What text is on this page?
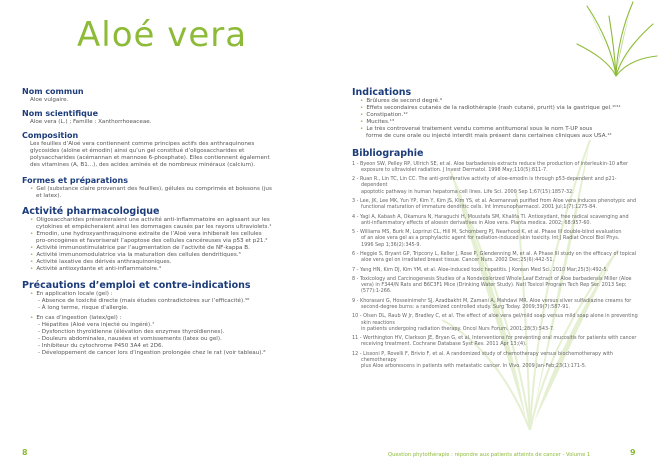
Aloé vera
Nom commun
Aloe vulgaire.
Nom scientifique
Aloe vera (L.) ; Famille : Xanthorrhoeaceae.
Composition
Les feuilles d’Aloé vera contiennent comme principes actifs des anthraquinones
glycosides (aloïne et émodin) ainsi qu’un gel constitué d’oligosaccharides et
polysaccharides (acémannan et mannose 6-phosphate). Elles contiennent également
des vitamines (A, B1...), des acides aminés et de nombreux minéraux (calcium).
Formes et préparations
• Gel (substance claire provenant des feuilles), gélules ou comprimés et boissons (jus
et latex).
Activité pharmacologique
• Oligosaccharides présenteraient une activité anti-inflammatoire en agissant sur les
cytokines et empêcheraient ainsi les dommages causés par les rayons ultraviolets.¹
• Emodin, une hydroxyanthraquinone extraite de l’Aloé vera inhiberait les cellules
pro-oncogènes et favoriserait l’apoptose des cellules cancéreuses via p53 et p21.²
• Activité immunostimulatrice par l’augmentation de l’activité de NF-kappa B.
• Activité immunomodulatrice via la maturation des cellules dendritiques.³
• Activité laxative des dérivés anthraquinoniques.
• Activité antioxydante et anti-inflammatoire.⁴
Précautions d’emploi et contre-indications
• En application locale (gel) :
- Absence de toxicité directe (mais études contradictoires sur l’efficacité).⁵⁶
- À long terme, risque d’allergie.
• En cas d’ingestion (latex/gel) :
- Hépatites (Aloé vera injecté ou ingéré).⁷
- Dysfonction thyroïdienne (élévation des enzymes thyroïdiennes).
- Douleurs abdominales, nausées et vomissements (latex ou gel).
- Inhibiteur du cytochrome P450 3A4 et 2D6.
- Développement de cancer lors d’ingestion prolongée chez le rat (voir tableau).⁸
Indications
• Brûlures de second degré.⁹
• Effets secondaires cutanés de la radiothérapie (rash cutané, prurit) via la gastrique gel.¹⁰¹¹
• Constipation.¹²
• Mucites.¹³
• Le très controversé traitement vendu comme antitumoral sous le nom T-UP sous
forme de cure orale ou injecté interdit mais présent dans certaines cliniques aux USA.¹²
Bibliographie
1 - Byeon SW, Pelley RP, Ullrich SE, et al. Aloe barbadensis extracts reduce the production of interleukin-10 after
exposure to ultraviolet radiation. J Invest Dermatol. 1998 May;110(5):811-7.
2 - Ruan R., Lin TC, Lin CC. The anti-proliferative activity of aloe-emodin is through p53-dependent and p21-dependent
apoptotic pathway in human hepatoma cell lines. Life Sci. 2000 Sep 1;67(15):1857-32.
3 - Lee, JK, Lee MK, Yun YP, Kim Y, Kim JS, Kim YS, et al. Acemannan purified from Aloe vera induces phenotypic and
functional maturation of immature dendritic cells. Int Immunopharmacol. 2001 Jul;1(7):1275-84.
4 - Yagi A, Kabash A, Okamura N, Haraguchi H, Moustafa SM, Khalifa TI. Antioxydant, free radical scavenging and
anti-inflammatory effects of aloesin derivatives in Aloe vera. Planta medica. 2002; 68:957-60.
5 - Williams MS, Burk M, Loprinzi CL, Hill M, Schomberg PJ, Nearhood K, et al. Phase III double-blind evaluation
of an aloe vera gel as a prophylactic agent for radiation-induced skin toxicity. Int J Radiat Oncol Biol Phys.
1996 Sep 1;36(2):345-9.
6 - Heggie S, Bryant GP, Tripcony L, Keller J, Rose P, Glendenning M, et al. A Phase III study on the efficacy of topical
aloe vera gel on irradiated breast tissue. Cancer Nurs. 2002 Dec;25(6):442-51.
7 - Yang HN, Kim DJ, Kim YM, et al. Aloe-induced toxic hepatitis. J Korean Med Sci. 2010 Mar;25(3):492-5.
8 - Toxicology and Carcinogenesis Studies of a Nondecolorized Whole Leaf Extract of Aloe barbadensis Miller (Aloe
vera) in F344/N Rats and B6C3F1 Mice (Drinking Water Study). Natl Toxicol Program Tech Rep Ser. 2013 Sep;(577):1-266.
9 - Khorasani G, Hosseinimehr SJ, Azadbakht M, Zamani A, Mahdavi MR. Aloe versus silver sulfadiazine creams for
second-degree burns: a randomized controlled study. Surg Today. 2009;39(7):587-91.
10 - Olsen DL, Raub W Jr, Bradley C, et al. The effect of aloe vera gel/mild soap versus mild soap alone in preventing skin reactions
in patients undergoing radiation therapy. Oncol Nurs Forum. 2001;28(3):543-7.
11 - Worthington HV, Clarkson JE, Bryan G, et al. Interventions for preventing oral mucositis for patients with cancer
receiving treatment. Cochrane Database Syst Rev. 2011 Apr 13;(4).
12 - Lissoni P, Rovelli F, Brivio F, et al. A randomized study of chemotherapy versus biochemotherapy with chemotherapy
plus Aloe arborescens in patients with metastatic cancer. In Vivo. 2009 Jan-Feb;23(1):171-5.
8	Question phytothérapie : répondre aux patients atteints de cancer - Volume 1	9
